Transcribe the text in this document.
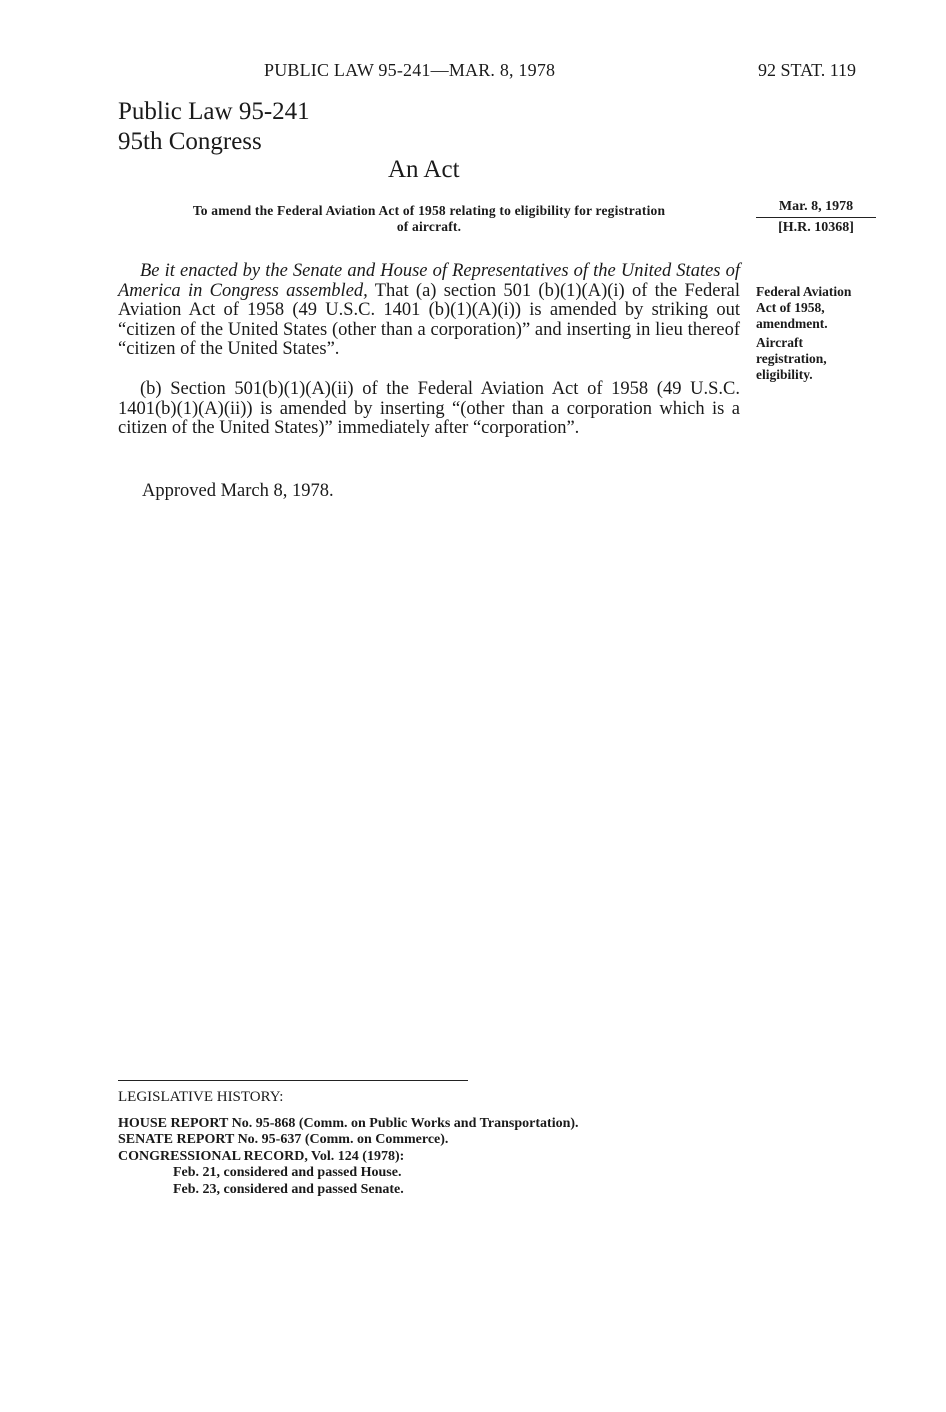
PUBLIC LAW 95-241—MAR. 8, 1978	92 STAT. 119
Public Law 95-241
95th Congress
An Act
To amend the Federal Aviation Act of 1958 relating to eligibility for registration
of aircraft.
Mar. 8, 1978
[H.R. 10368]
Be it enacted by the Senate and House of Representatives of the United States of America in Congress assembled, That (a) section 501 (b)(1)(A)(i) of the Federal Aviation Act of 1958 (49 U.S.C. 1401 (b)(1)(A)(i)) is amended by striking out “citizen of the United States (other than a corporation)” and inserting in lieu thereof “citizen of the United States”.
(b) Section 501(b)(1)(A)(ii) of the Federal Aviation Act of 1958 (49 U.S.C. 1401(b)(1)(A)(ii)) is amended by inserting “(other than a corporation which is a citizen of the United States)” immediately after “corporation”.
Federal Aviation
Act of 1958,
amendment.
Aircraft
registration,
eligibility.
Approved March 8, 1978.
LEGISLATIVE HISTORY:
HOUSE REPORT No. 95-868 (Comm. on Public Works and Transportation).
SENATE REPORT No. 95-637 (Comm. on Commerce).
CONGRESSIONAL RECORD, Vol. 124 (1978):
Feb. 21, considered and passed House.
Feb. 23, considered and passed Senate.
